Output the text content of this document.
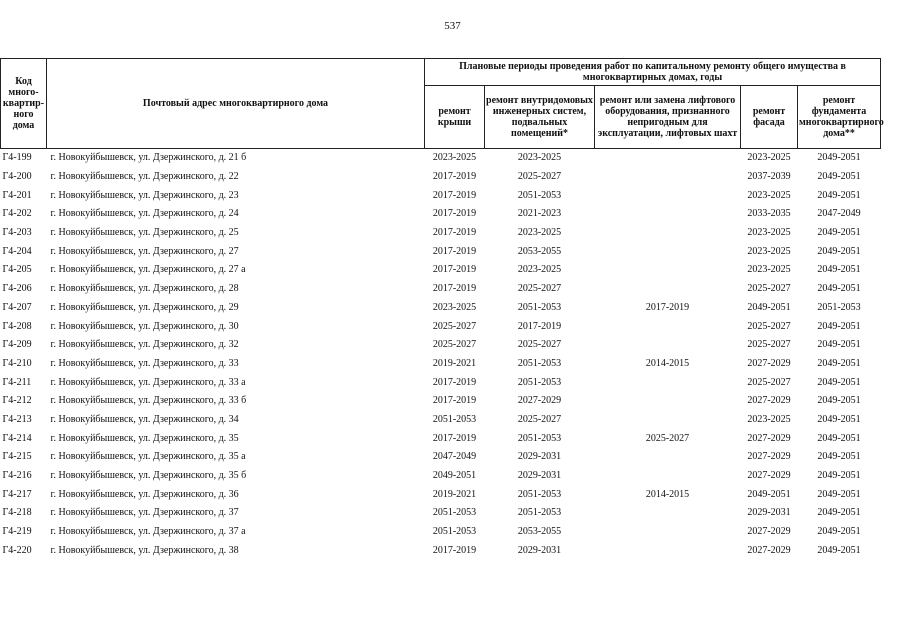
537
Код много-квартир-ного дома	Почтовый адрес многоквартирного дома	Плановые периоды проведения работ по капитальному ремонту общего имущества в многоквартирных домах, годы				
		ремонт крыши	ремонт внутридомовых инженерных систем, подвальных помещений*	ремонт или замена лифтового оборудования, признанного непригодным для эксплуатации, лифтовых шахт	ремонт фасада	ремонт фундамента многоквартирного дома**
Г4-199	г. Новокуйбышевск, ул. Дзержинского, д. 21 б	2023-2025	2023-2025		2023-2025	2049-2051
Г4-200	г. Новокуйбышевск, ул. Дзержинского, д. 22	2017-2019	2025-2027		2037-2039	2049-2051
Г4-201	г. Новокуйбышевск, ул. Дзержинского, д. 23	2017-2019	2051-2053		2023-2025	2049-2051
Г4-202	г. Новокуйбышевск, ул. Дзержинского, д. 24	2017-2019	2021-2023		2033-2035	2047-2049
Г4-203	г. Новокуйбышевск, ул. Дзержинского, д. 25	2017-2019	2023-2025		2023-2025	2049-2051
Г4-204	г. Новокуйбышевск, ул. Дзержинского, д. 27	2017-2019	2053-2055		2023-2025	2049-2051
Г4-205	г. Новокуйбышевск, ул. Дзержинского, д. 27 а	2017-2019	2023-2025		2023-2025	2049-2051
Г4-206	г. Новокуйбышевск, ул. Дзержинского, д. 28	2017-2019	2025-2027		2025-2027	2049-2051
Г4-207	г. Новокуйбышевск, ул. Дзержинского, д. 29	2023-2025	2051-2053	2017-2019	2049-2051	2051-2053
Г4-208	г. Новокуйбышевск, ул. Дзержинского, д. 30	2025-2027	2017-2019		2025-2027	2049-2051
Г4-209	г. Новокуйбышевск, ул. Дзержинского, д. 32	2025-2027	2025-2027		2025-2027	2049-2051
Г4-210	г. Новокуйбышевск, ул. Дзержинского, д. 33	2019-2021	2051-2053	2014-2015	2027-2029	2049-2051
Г4-211	г. Новокуйбышевск, ул. Дзержинского, д. 33 а	2017-2019	2051-2053		2025-2027	2049-2051
Г4-212	г. Новокуйбышевск, ул. Дзержинского, д. 33 б	2017-2019	2027-2029		2027-2029	2049-2051
Г4-213	г. Новокуйбышевск, ул. Дзержинского, д. 34	2051-2053	2025-2027		2023-2025	2049-2051
Г4-214	г. Новокуйбышевск, ул. Дзержинского, д. 35	2017-2019	2051-2053	2025-2027	2027-2029	2049-2051
Г4-215	г. Новокуйбышевск, ул. Дзержинского, д. 35 а	2047-2049	2029-2031		2027-2029	2049-2051
Г4-216	г. Новокуйбышевск, ул. Дзержинского, д. 35 б	2049-2051	2029-2031		2027-2029	2049-2051
Г4-217	г. Новокуйбышевск, ул. Дзержинского, д. 36	2019-2021	2051-2053	2014-2015	2049-2051	2049-2051
Г4-218	г. Новокуйбышевск, ул. Дзержинского, д. 37	2051-2053	2051-2053		2029-2031	2049-2051
Г4-219	г. Новокуйбышевск, ул. Дзержинского, д. 37 а	2051-2053	2053-2055		2027-2029	2049-2051
Г4-220	г. Новокуйбышевск, ул. Дзержинского, д. 38	2017-2019	2029-2031		2027-2029	2049-2051
